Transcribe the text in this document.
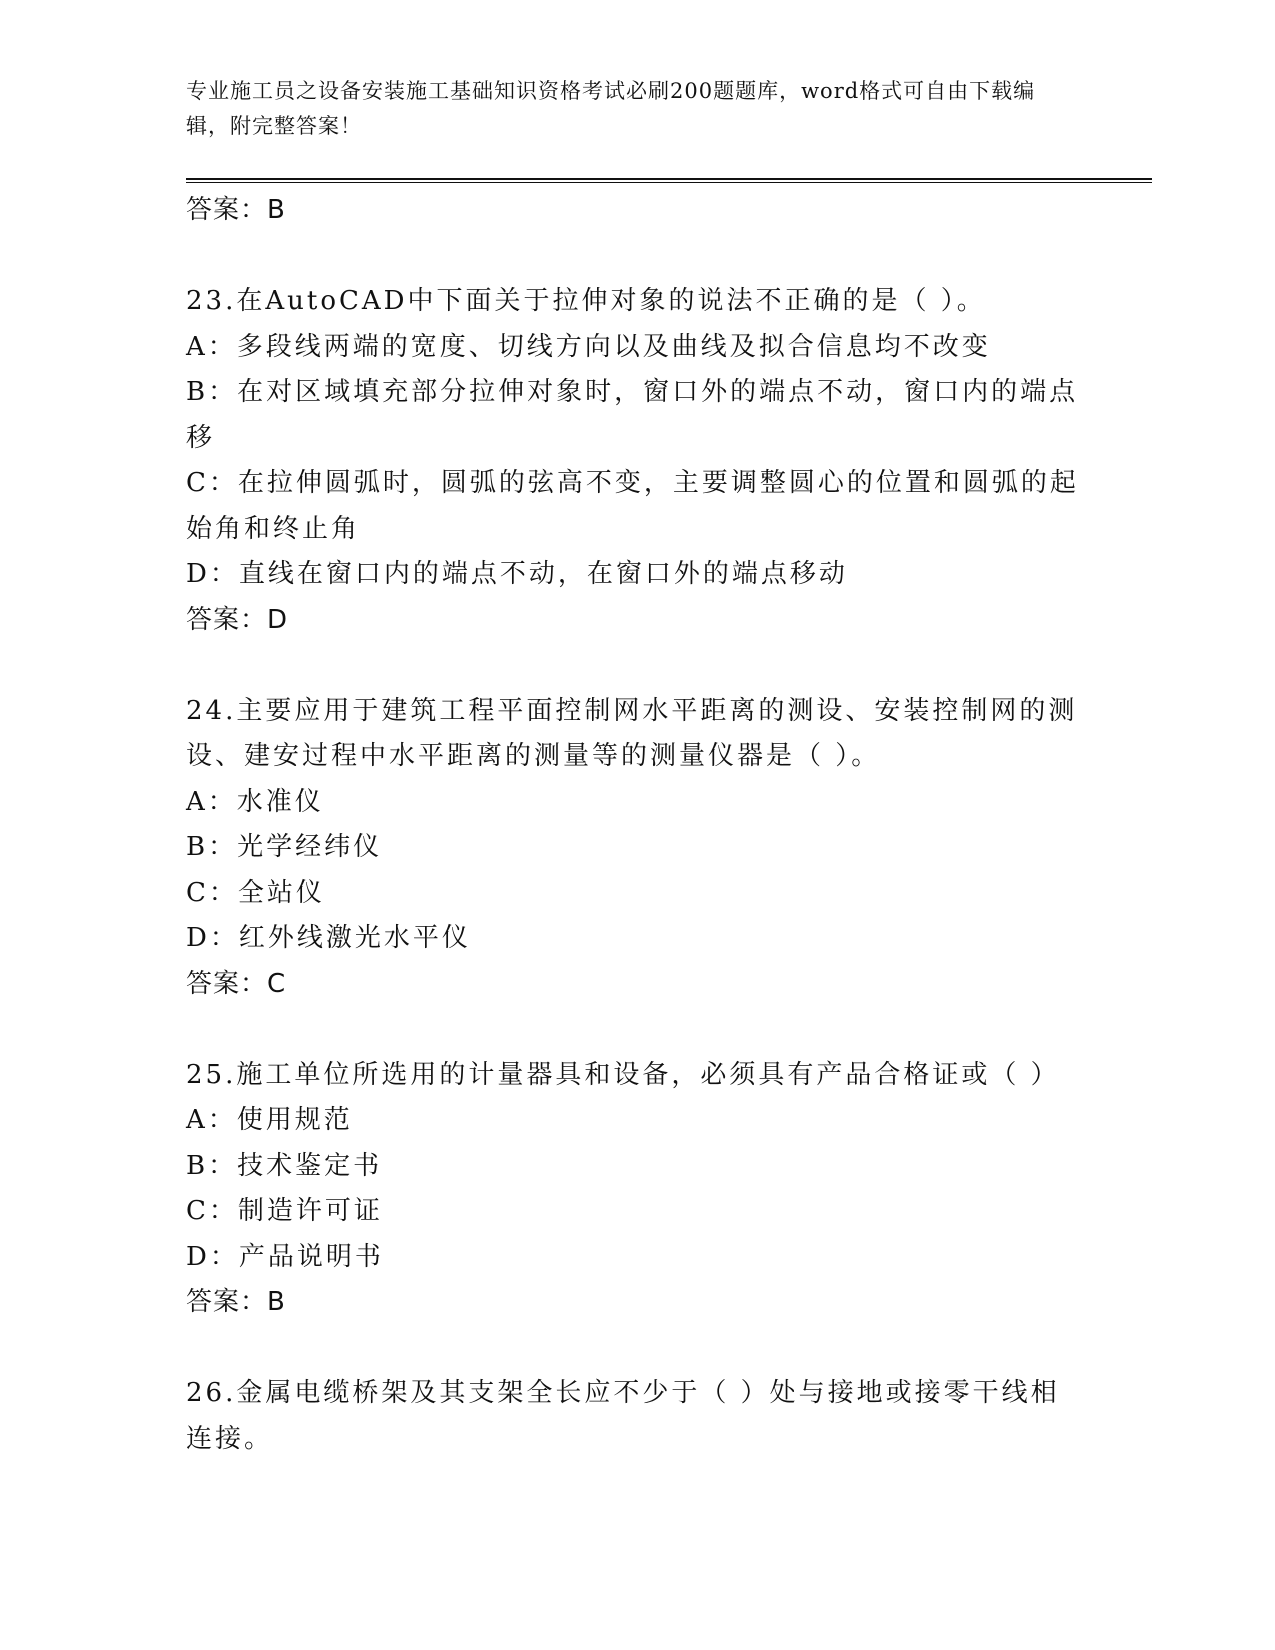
专业施工员之设备安装施工基础知识资格考试必刷200题题库，word格式可自由下载编辑，附完整答案！

答案：B

23.在AutoCAD中下面关于拉伸对象的说法不正确的是（ ）。

A：多段线两端的宽度、切线方向以及曲线及拟合信息均不改变

B：在对区域填充部分拉伸对象时，窗口外的端点不动，窗口内的端点

移

C：在拉伸圆弧时，圆弧的弦高不变，主要调整圆心的位置和圆弧的起

始角和终止角

D：直线在窗口内的端点不动，在窗口外的端点移动

答案：D

24.主要应用于建筑工程平面控制网水平距离的测设、安装控制网的测

设、建安过程中水平距离的测量等的测量仪器是（ ）。

A：水准仪

B：光学经纬仪

C：全站仪

D：红外线激光水平仪

答案：C

25.施工单位所选用的计量器具和设备，必须具有产品合格证或（ ）

A：使用规范

B：技术鉴定书

C：制造许可证

D：产品说明书

答案：B

26.金属电缆桥架及其支架全长应不少于（ ）处与接地或接零干线相

连接。
